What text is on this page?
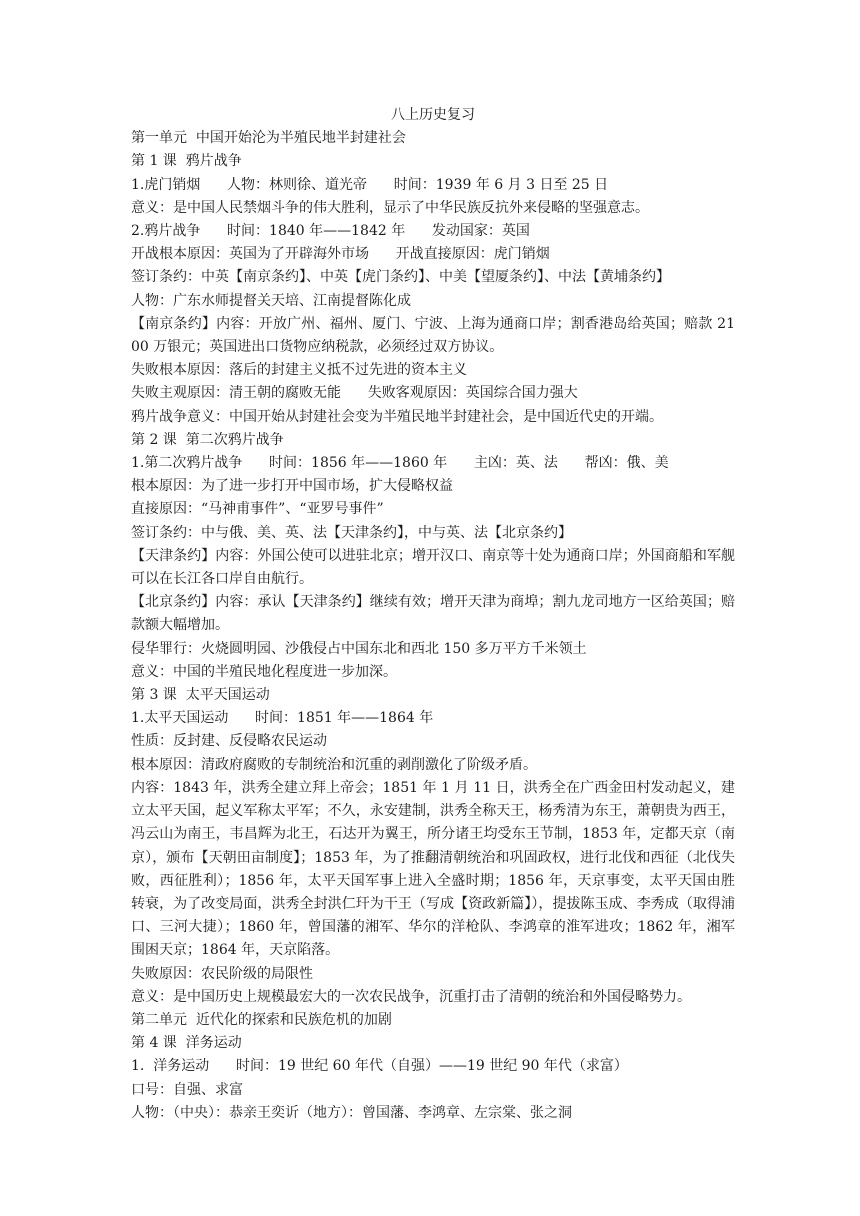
八上历史复习

第一单元  中国开始沦为半殖民地半封建社会

第 1 课  鸦片战争

1.虎门销烟      人物：林则徐、道光帝      时间：1939 年 6 月 3 日至 25 日

意义：是中国人民禁烟斗争的伟大胜利，显示了中华民族反抗外来侵略的坚强意志。

2.鸦片战争      时间：1840 年——1842 年      发动国家：英国

开战根本原因：英国为了开辟海外市场      开战直接原因：虎门销烟

签订条约：中英【南京条约】、中英【虎门条约】、中美【望厦条约】、中法【黄埔条约】

人物：广东水师提督关天培、江南提督陈化成

【南京条约】内容：开放广州、福州、厦门、宁波、上海为通商口岸；割香港岛给英国；赔款 2100 万银元；英国进出口货物应纳税款，必须经过双方协议。

失败根本原因：落后的封建主义抵不过先进的资本主义

失败主观原因：清王朝的腐败无能      失败客观原因：英国综合国力强大

鸦片战争意义：中国开始从封建社会变为半殖民地半封建社会，是中国近代史的开端。

第 2 课  第二次鸦片战争

1.第二次鸦片战争      时间：1856 年——1860 年      主凶：英、法      帮凶：俄、美

根本原因：为了进一步打开中国市场，扩大侵略权益

直接原因：“马神甫事件”、“亚罗号事件”

签订条约：中与俄、美、英、法【天津条约】，中与英、法【北京条约】

【天津条约】内容：外国公使可以进驻北京；增开汉口、南京等十处为通商口岸；外国商船和军舰可以在长江各口岸自由航行。

【北京条约】内容：承认【天津条约】继续有效；增开天津为商埠；割九龙司地方一区给英国；赔款额大幅增加。

侵华罪行：火烧圆明园、沙俄侵占中国东北和西北 150 多万平方千米领土

意义：中国的半殖民地化程度进一步加深。

第 3 课  太平天国运动

1.太平天国运动      时间：1851 年——1864 年

性质：反封建、反侵略农民运动

根本原因：清政府腐败的专制统治和沉重的剥削激化了阶级矛盾。

内容：1843 年，洪秀全建立拜上帝会；1851 年 1 月 11 日，洪秀全在广西金田村发动起义，建立太平天国，起义军称太平军；不久，永安建制，洪秀全称天王，杨秀清为东王，萧朝贵为西王，冯云山为南王，韦昌辉为北王，石达开为翼王，所分诸王均受东王节制，1853 年，定都天京（南京），颁布【天朝田亩制度】；1853 年，为了推翻清朝统治和巩固政权，进行北伐和西征（北伐失败，西征胜利）；1856 年，太平天国军事上进入全盛时期；1856 年，天京事变，太平天国由胜转衰，为了改变局面，洪秀全封洪仁玕为干王（写成【资政新篇】），提拔陈玉成、李秀成（取得浦口、三河大捷）；1860 年，曾国藩的湘军、华尔的洋枪队、李鸿章的淮军进攻；1862 年，湘军围困天京；1864 年，天京陷落。

失败原因：农民阶级的局限性

意义：是中国历史上规模最宏大的一次农民战争，沉重打击了清朝的统治和外国侵略势力。

第二单元  近代化的探索和民族危机的加剧

第 4 课  洋务运动

1.  洋务运动      时间：19 世纪 60 年代（自强）——19 世纪 90 年代（求富）

口号：自强、求富

人物：（中央）：恭亲王奕䜣（地方）：曾国藩、李鸿章、左宗棠、张之洞
